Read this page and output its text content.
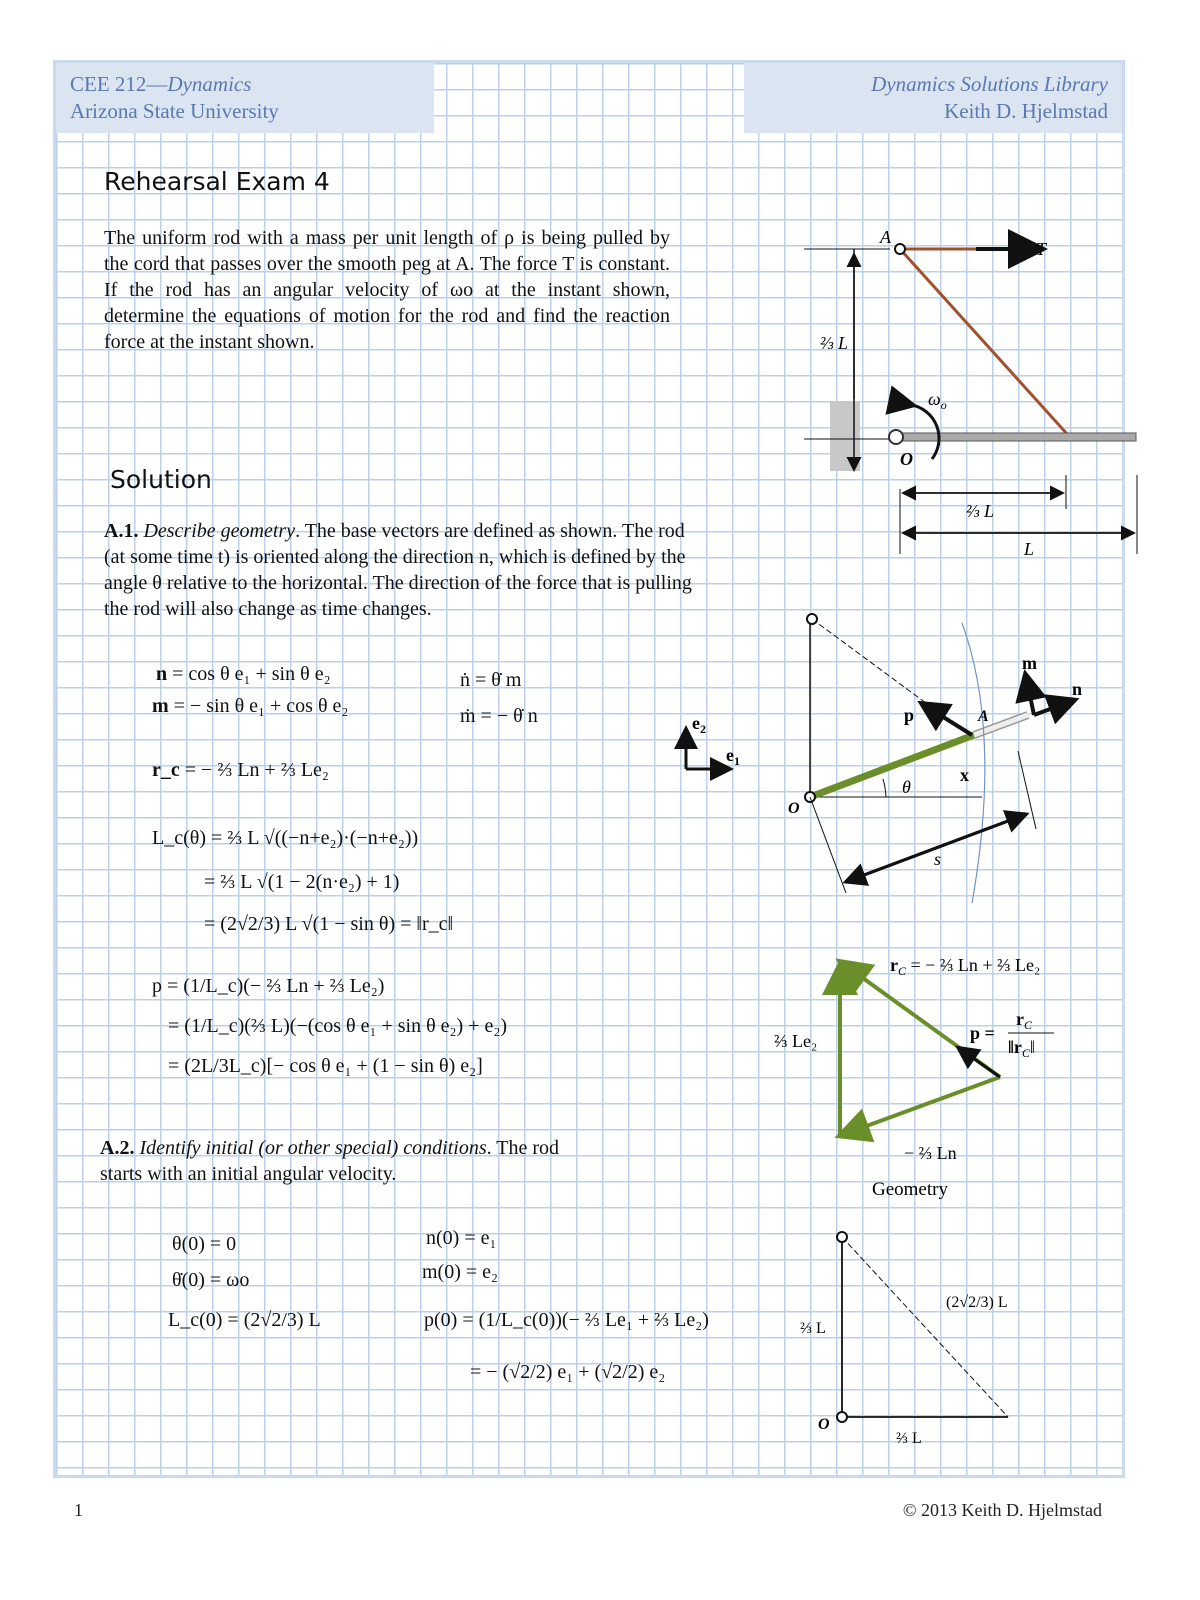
CEE 212—Dynamics
Arizona State University
Dynamics Solutions Library
Keith D. Hjelmstad
Rehearsal Exam 4
The uniform rod with a mass per unit length of ρ is being pulled by the cord that passes over the smooth peg at A. The force T is constant. If the rod has an angular velocity of ωo at the instant shown, determine the equations of motion for the rod and find the reaction force at the instant shown.
Solution
A.1. Describe geometry. The base vectors are defined as shown. The rod (at some time t) is oriented along the direction n, which is defined by the angle θ relative to the horizontal. The direction of the force that is pulling the rod will also change as time changes.
n = cos θ e₁ + sin θ e₂
m = − sin θ e₁ + cos θ e₂
ṅ = θ̇ m
ṁ = − θ̇ n
r_c = − ⅔ Ln + ⅔ Le₂
L_c(θ) = ⅔ L √((−n+e₂)·(−n+e₂))
= ⅔ L √(1 − 2(n·e₂) + 1)
= (2√2/3) L √(1 − sin θ) = ‖r_c‖
p = (1/L_c)(− ⅔ Ln + ⅔ Le₂)
= (1/L_c)(⅔ L)(−(cos θ e₁ + sin θ e₂) + e₂)
= (2L/3L_c)[− cos θ e₁ + (1 − sin θ) e₂]
A.2. Identify initial (or other special) conditions. The rod starts with an initial angular velocity.
θ(0) = 0
θ̇(0) = ωo
L_c(0) = (2√2/3) L
n(0) = e₁
m(0) = e₂
p(0) = (1/L_c(0))(− ⅔ Le₁ + ⅔ Le₂)
= − (√2/2) e₁ + (√2/2) e₂
A
T
⅔ L
$\omega_o$
O
⅔ L
L
$e_2$
$e_1$
m
n
p	A
x
θ
O
s
$r_C$ = − ⅔ Ln + ⅔ Le₂
p =
$r_C$
$‖r_C‖$
⅔ Le₂
− ⅔ Ln
Geometry
(2√2/3) L
⅔ L
⅔ L
O
1	© 2013 Keith D. Hjelmstad
